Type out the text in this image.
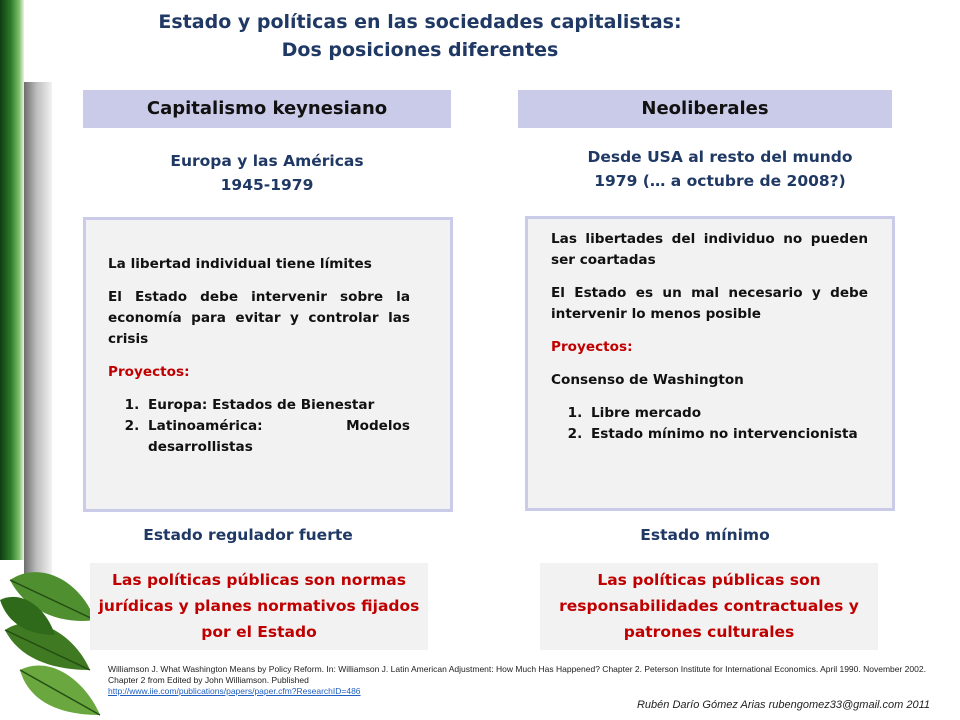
Estado y políticas en las sociedades capitalistas:
Dos posiciones diferentes
Capitalismo keynesiano
Europa y las Américas
1945-1979

La libertad individual tiene límites

El Estado debe intervenir sobre la economía para evitar y controlar las crisis

Proyectos:

1. Europa: Estados de Bienestar
2. Latinoamérica: Modelos desarrollistas
Estado regulador fuerte
Las políticas públicas son normas jurídicas y planes normativos fijados por el Estado
Neoliberales
Desde USA al resto del mundo
1979 (… a octubre de 2008?)

Las libertades del individuo no pueden ser coartadas

El Estado es un mal necesario y debe intervenir lo menos posible

Proyectos:

Consenso de Washington

1. Libre mercado
2. Estado mínimo no intervencionista
Estado mínimo
Las políticas públicas son responsabilidades contractuales y patrones culturales
Williamson J. What Washington Means by Policy Reform. In: Williamson J. Latin American Adjustment: How Much Has Happened? Chapter 2. Peterson Institute for International Economics. April 1990. November 2002. Chapter 2 from Edited by John Williamson. Published
http://www.iie.com/publications/papers/paper.cfm?ResearchID=486
Rubén Darío Gómez Arias rubengomez33@gmail.com 2011
